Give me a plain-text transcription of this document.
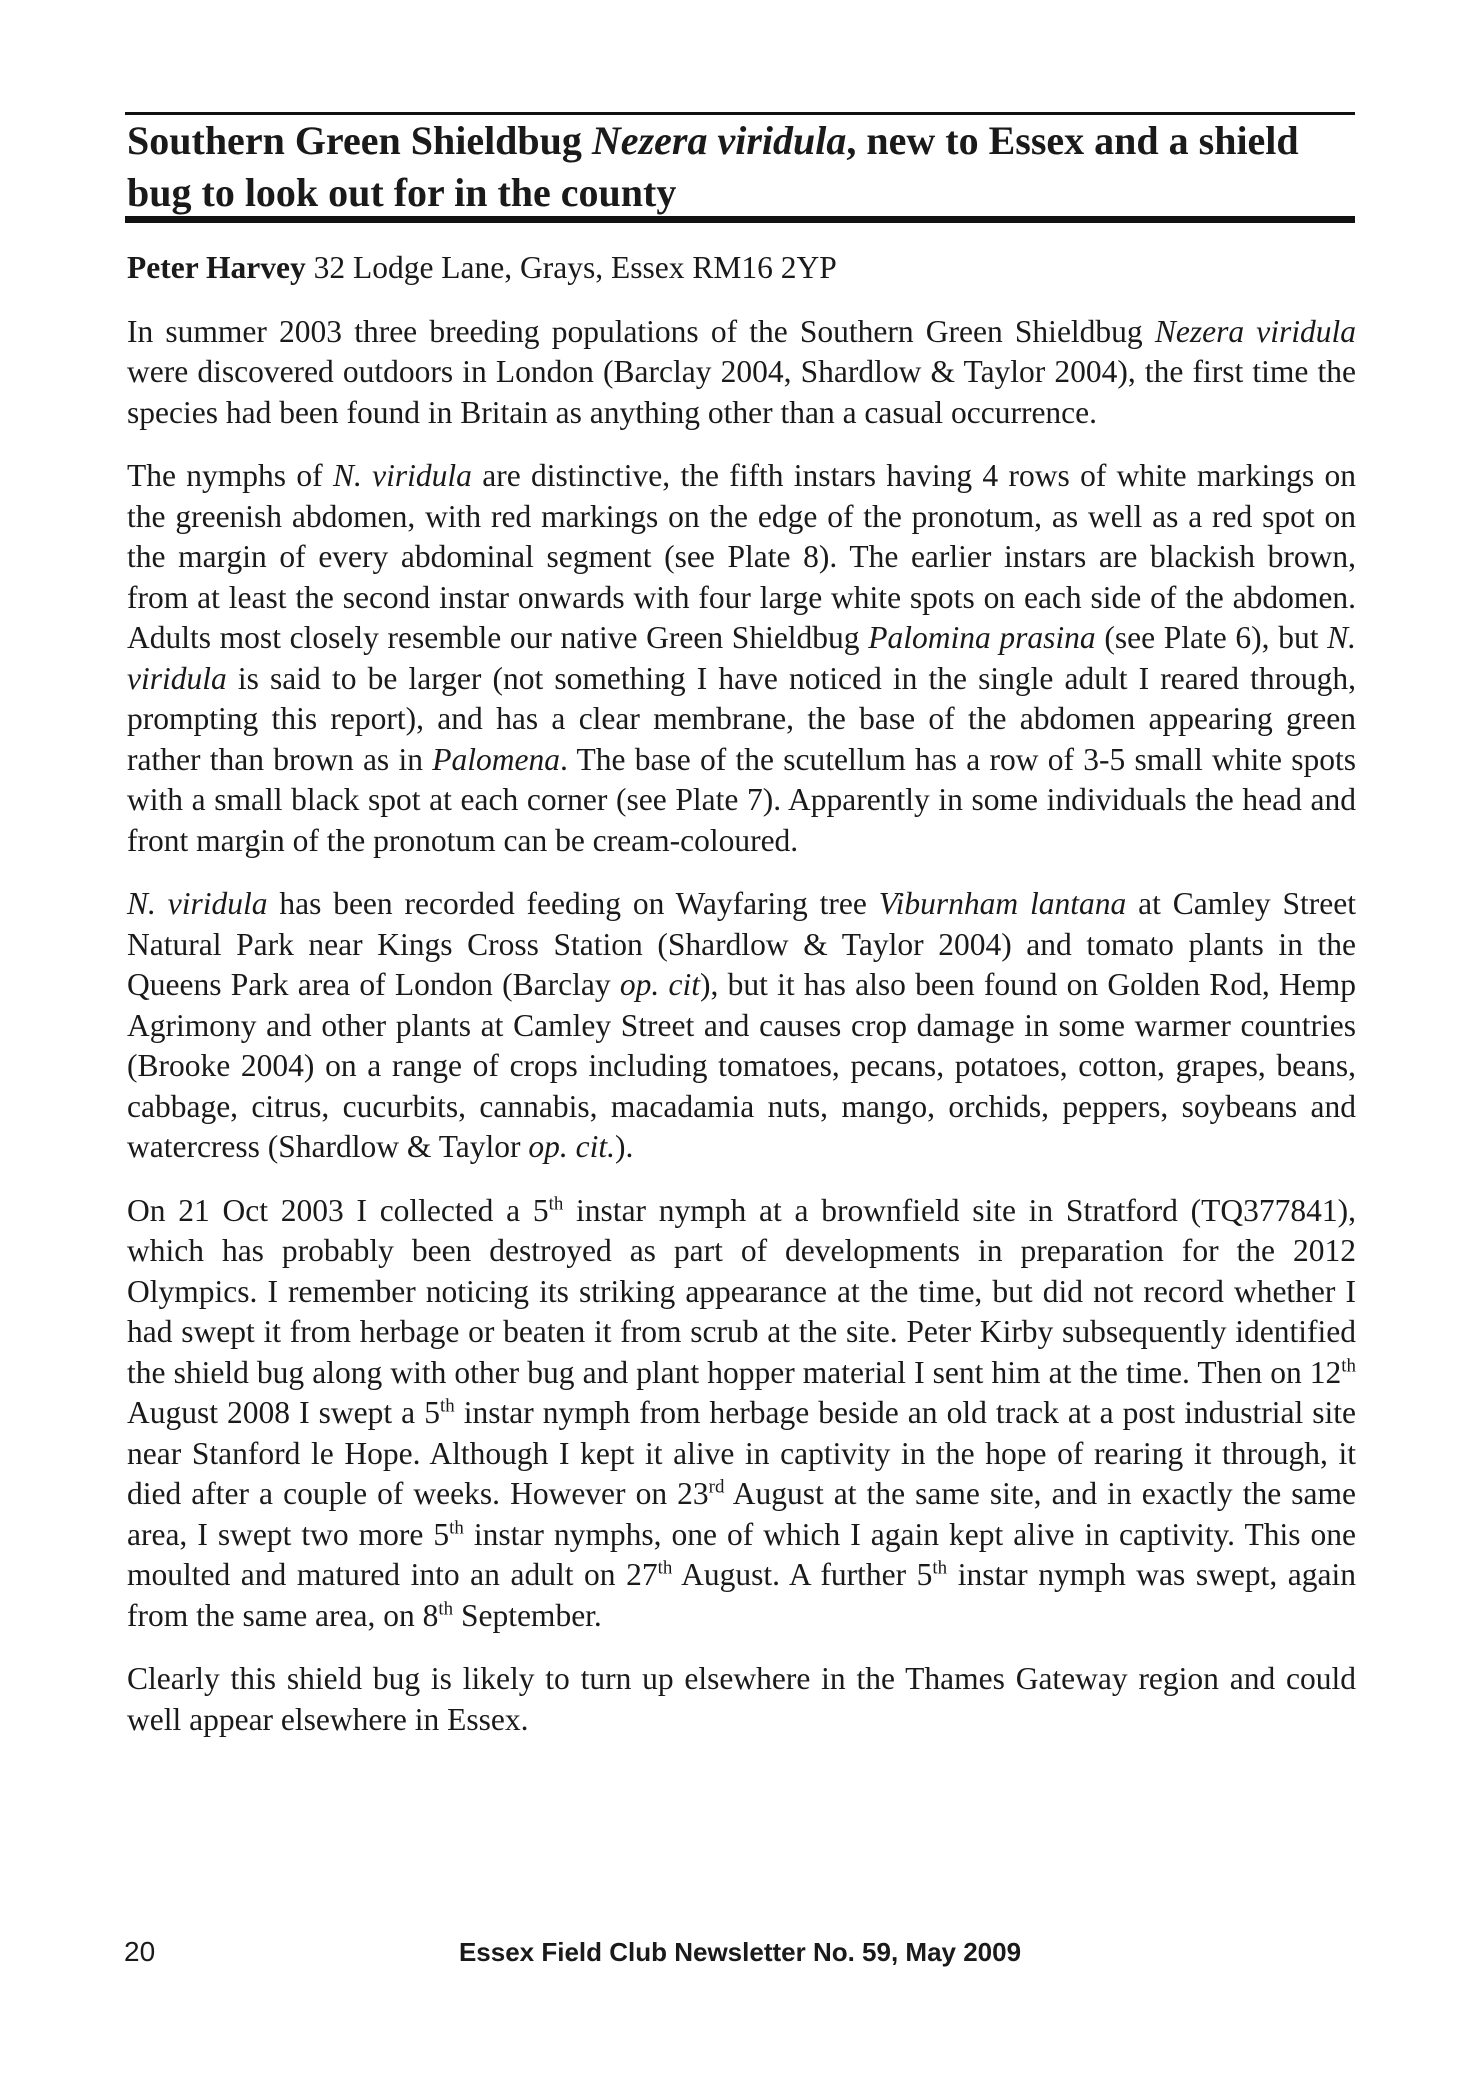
Southern Green Shieldbug Nezera viridula, new to Essex and a shield bug to look out for in the county

Peter Harvey 32 Lodge Lane, Grays, Essex RM16 2YP

In summer 2003 three breeding populations of the Southern Green Shieldbug Nezera viridula were discovered outdoors in London (Barclay 2004, Shardlow & Taylor 2004), the first time the species had been found in Britain as anything other than a casual occurrence.

The nymphs of N. viridula are distinctive, the fifth instars having 4 rows of white markings on the greenish abdomen, with red markings on the edge of the pronotum, as well as a red spot on the margin of every abdominal segment (see Plate 8). The earlier instars are blackish brown, from at least the second instar onwards with four large white spots on each side of the abdomen. Adults most closely resemble our native Green Shieldbug Palomina prasina (see Plate 6), but N. viridula is said to be larger (not something I have noticed in the single adult I reared through, prompting this report), and has a clear membrane, the base of the abdomen appearing green rather than brown as in Palomena. The base of the scutellum has a row of 3-5 small white spots with a small black spot at each corner (see Plate 7). Apparently in some individuals the head and front margin of the pronotum can be cream-coloured.

N. viridula has been recorded feeding on Wayfaring tree Viburnham lantana at Camley Street Natural Park near Kings Cross Station (Shardlow & Taylor 2004) and tomato plants in the Queens Park area of London (Barclay op. cit), but it has also been found on Golden Rod, Hemp Agrimony and other plants at Camley Street and causes crop damage in some warmer countries (Brooke 2004) on a range of crops including tomatoes, pecans, potatoes, cotton, grapes, beans, cabbage, citrus, cucurbits, cannabis, macadamia nuts, mango, orchids, peppers, soybeans and watercress (Shardlow & Taylor op. cit.).

On 21 Oct 2003 I collected a 5th instar nymph at a brownfield site in Stratford (TQ377841), which has probably been destroyed as part of developments in preparation for the 2012 Olympics. I remember noticing its striking appearance at the time, but did not record whether I had swept it from herbage or beaten it from scrub at the site. Peter Kirby subsequently identified the shield bug along with other bug and plant hopper material I sent him at the time. Then on 12th August 2008 I swept a 5th instar nymph from herbage beside an old track at a post industrial site near Stanford le Hope. Although I kept it alive in captivity in the hope of rearing it through, it died after a couple of weeks. However on 23rd August at the same site, and in exactly the same area, I swept two more 5th instar nymphs, one of which I again kept alive in captivity. This one moulted and matured into an adult on 27th August. A further 5th instar nymph was swept, again from the same area, on 8th September.

Clearly this shield bug is likely to turn up elsewhere in the Thames Gateway region and could well appear elsewhere in Essex.

20	Essex Field Club Newsletter No. 59, May 2009
